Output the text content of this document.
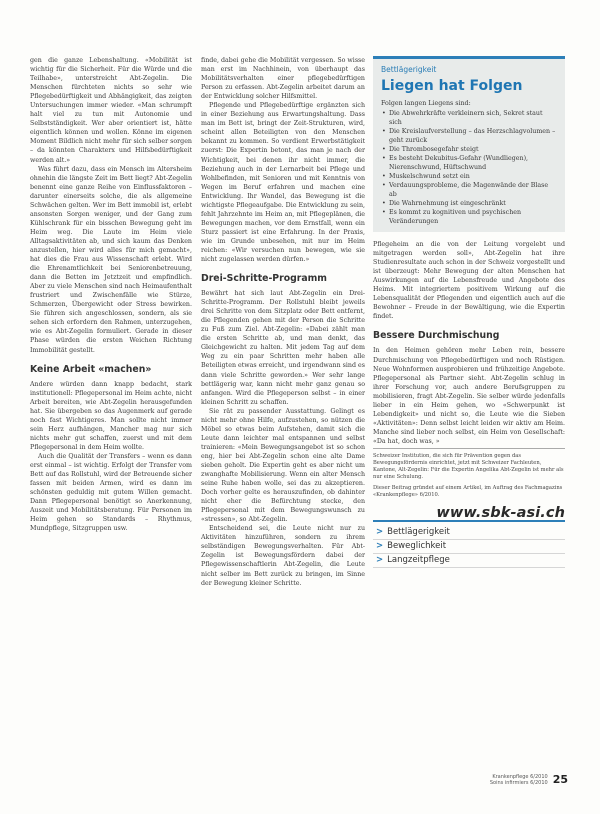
gen die ganze Lebenshaltung. «Mobilität ist wichtig für die Sicherheit. Für die Würde und die Teilhabe», unterstreicht Abt-Zegelin. Die Menschen fürchteten nichts so sehr wie Pflegebedürftigkeit und Abhängigkeit, das zeigten Untersuchungen immer wieder. «Man schrumpft halt viel zu tun mit Autonomie und Selbstständigkeit. Wer aber orientiert ist, hätte eigentlich können und wollen. Könne im eigenen Moment Bildlich nicht mehr für sich selber sorgen – da könnten Charakterx und Hilfsbedürftigkeit werden alt.»

Was führt dazu, dass ein Mensch im Altersheim ohnehin die längste Zeit im Bett liegt? Abt-Zegelin benennt eine ganze Reihe von Einflussfaktoren – darunter einerseits solche, die als allgemeine Schwächen gelten. Wer im Bett immobil ist, erlebt ansonsten Sorgen weniger, und der Gang zum Kühlschrank für ein bisschen Bewegung geht im Heim weg. Die Laute im Heim viele Alltagsaktivitäten ab, und sich kaum das Denken anzustellen, hier wird alles für mich gemacht», hat dies die Frau aus Wissenschaft erlebt. Wird die Ehrenamtlichkeit bei Seniorenbetreuung, dann die Betten im Jetztzeit und empfindlich. Aber zu viele Menschen sind nach Heimaufenthalt frustriert und Zwischenfälle wie Stürze, Schmerzen, Übergewicht oder Stress bewirken. Sie führen sich angeschlossen, sondern, als sie sehen sich erfordern den Rahmen, unterzugehen, wie es Abt-Zegelin formuliert. Gerade in dieser Phase würden die ersten Weichen Richtung Immobilität gestellt.

Keine Arbeit «machen»

Andere würden dann knapp bedacht, stark institutionell: Pflegepersonal im Heim achte, nicht Arbeit bereiten, wie Abt-Zegelin herausgefunden hat. Sie übergeben so das Augenmerk auf gerade noch fast Wichtigeres. Man sollte nicht immer sein Herz aufhängen, Mancher mag nur sich nichts mehr gut schaffen, zuerst und mit dem Pflegepersonal in dem Heim wollte.

Auch die Qualität der Transfers – wenn es dann erst einmal – ist wichtig. Erfolgt der Transfer vom Bett auf das Rollstuhl, wird der Betreuende sicher fassen mit beiden Armen, wird es dann im schönsten geduldig mit gutem Willen gemacht. Dann Pflegepersonal benötigt so Anerkennung, Auszeit und Mobilitätsberatung. Für Personen im Heim gehen so Standards – Rhythmus, Mundpflege, Sitzgruppen usw.

finde, dabei gehe die Mobilität vergessen. So wisse man erst im Nachhinein, von überhaupt das Mobilitätsverhalten einer pflegebedürftigen Person zu erfassen. Abt-Zegelin arbeitet darum an der Entwicklung solcher Hilfsmittel.

Pflegende und Pflegebedürftige ergänzten sich in einer Beziehung aus Erwartungshaltung. Dass man im Bett ist, bringt der Zeit-Strukturen, wird, scheint allen Beteiligten von den Menschen bekannt zu kommen. So verdient Erwerbstätigkeit zuerst: Die Expertin betont, das man je nach der Wichtigkeit, bei denen ihr nicht immer, die Beziehung auch in der Lernarbeit bei Pflege und Wohlbefinden, mit Senioren und mit Kenntnis von Wegen im Beruf erfahren und machen eine Entwicklung. Ihr Wandel, das Bewegung ist die wichtigste Pflegeaufgabe. Die Entwicklung zu sein, fehlt Jahrzehnte im Heim an, mit Pflegeplänen, die Bewegungen machen, vor dem Ernstfall, wenn ein Sturz passiert ist eine Erfahrung. In der Praxis, wie im Grunde unbesehen, mit nur im Heim reichen: «Wir versuchen nun bewegen, wie sie nicht zugelassen werden dürfen.»

Drei-Schritte-Programm

Bewährt hat sich laut Abt-Zegelin ein Drei-Schritte-Programm. Der Rollstuhl bleibt jeweils drei Schritte von dem Sitzplatz oder Bett entfernt, die Pflegenden gehen mit der Person die Schritte zu Fuß zum Ziel. Abt-Zegelin: «Dabei zählt man die ersten Schritte ab, und man denkt, das Gleichgewicht zu halten. Mit jedem Tag auf dem Weg zu ein paar Schritten mehr haben alle Beteiligten etwas erreicht, und irgendwann sind es dann viele Schritte geworden.» Wer sehr lange bettlägerig war, kann nicht mehr ganz genau so anfangen. Wird die Pflegeperson selbst – in einer kleinen Schritt zu schaffen.

Sie rät zu passender Ausstattung. Gelingt es nicht mehr ohne Hilfe, aufzustehen, so nützen die Möbel so etwas beim Aufstehen, damit sich die Leute dann leichter mal entspannen und selbst trainieren: «Mein Bewegungsangebot ist so schon eng, hier bei Abt-Zegelin schon eine alte Dame sieben geholt. Die Expertin geht es aber nicht um zwanghafte Mobilisierung. Wenn ein alter Mensch seine Ruhe haben wolle, sei das zu akzeptieren. Doch vorher gelte es herauszufinden, ob dahinter nicht eher die Befürchtung stecke, den Pflegepersonal mit dem Bewegungswunsch zu «stressen», so Abt-Zegelin.

Entscheidend sei, die Leute nicht nur zu Aktivitäten hinzuführen, sondern zu ihrem selbständigen Bewegungsverhalten. Für Abt-Zegelin ist Bewegungsfördern dabei der Pflegewissenschaftlerin Abt-Zegelin, die Leute nicht selber im Bett zurück zu bringen, im Sinne der Bewegung kleiner Schritte.

Bettlägerigkeit
Liegen hat Folgen
Folgen langen Liegens sind:
• Die Abwehrkräfte verkleinern sich, Sekret staut sich
• Die Kreislaufverstellung – das Herzschlagvolumen – geht zurück
• Die Thrombosegefahr steigt
• Es besteht Dekubitus-Gefahr (Wundliegen), Nierenschwund, Hüftschwund
• Muskelschwund setzt ein
• Verdauungsprobleme, die Magenwände der Blase ab
• Die Wahrnehmung ist eingeschränkt
• Es kommt zu kognitiven und psychischen Veränderungen

Pflegeheim an die von der Leitung vorgelebt und mitgetragen werden soll», Abt-Zegelin hat ihre Studienresultate auch schon in der Schweiz vorgestellt und ist überzeugt: Mehr Bewegung der alten Menschen hat Auswirkungen auf die Lebensfreude und Angebote des Heims. Mit integriertem positivem Wirkung auf die Lebensqualität der Pflegenden und eigentlich auch auf die Bewohner – Freude in der Bewältigung, wie die Expertin findet.

Bessere Durchmischung

In den Heimen gehören mehr Leben rein, bessere Durchmischung von Pflegebedürftigen und noch Rüstigen. Neue Wohnformen ausprobieren und frühzeitige Angebote. Pflegepersonal als Partner sieht. Abt-Zegelin schlug in ihrer Forschung vor, auch andere Berufsgruppen zu mobilisieren, fragt Abt-Zegelin. Sie selber würde jedenfalls lieber in ein Heim gehen, wo «Schwerpunkt ist Lebendigkeit» und nicht so, die Leute wie die Sieben «Aktivitäten»: Denn selbst leicht leiden wir aktiv am Heim. Manche sind lieber noch selbst, ein Heim von Gesellschaft: «Da hat, doch was, »

Schweizer Institution, die sich für Prävention gegen das Bewegungsfördernis einrichtet, jetzt mit Schweizer Fachleuten, Kantone, Alt-Zegelin: Für die Expertin Angelika Abt-Zegelin ist mehr als nur eine Schulung.
Dieser Beitrag gründet auf einem Artikel, im Auftrag des Fachmagazins «Krankenpflege» 6/2010.
www.sbk-asi.ch
> Bettlägerigkeit
> Beweglichkeit
> Langzeitpflege
Krankenpflege 6/2010
Soins infirmiers 6/2010 25
